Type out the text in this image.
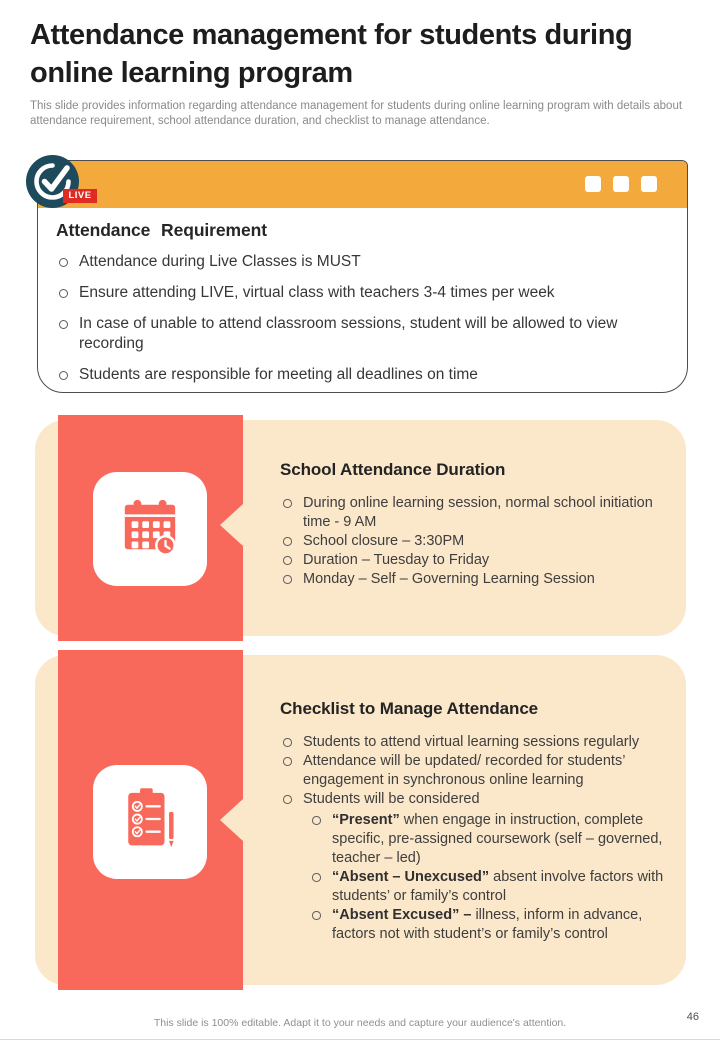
Attendance management for students during online learning program

This slide provides information regarding attendance management for students during online learning program with details about attendance requirement, school attendance duration, and checklist to manage attendance.

Attendance Requirement
Attendance during Live Classes is MUST
Ensure attending LIVE, virtual class with teachers 3-4 times per week
In case of unable to attend classroom sessions, student will be allowed to view recording
Students are responsible for meeting all deadlines on time
LIVE
School Attendance Duration
During online learning session, normal school initiation time - 9 AM
School closure – 3:30PM
Duration – Tuesday to Friday
Monday – Self – Governing Learning Session
Checklist to Manage Attendance
Students to attend virtual learning sessions regularly
Attendance will be updated/ recorded for students’ engagement in synchronous online learning
Students will be considered
“Present” when engage in instruction, complete specific, pre-assigned coursework (self – governed, teacher – led)
“Absent – Unexcused” absent involve factors with students’ or family’s control
“Absent Excused” – illness, inform in advance, factors not with student’s or family’s control
This slide is 100% editable. Adapt it to your needs and capture your audience's attention.	46
